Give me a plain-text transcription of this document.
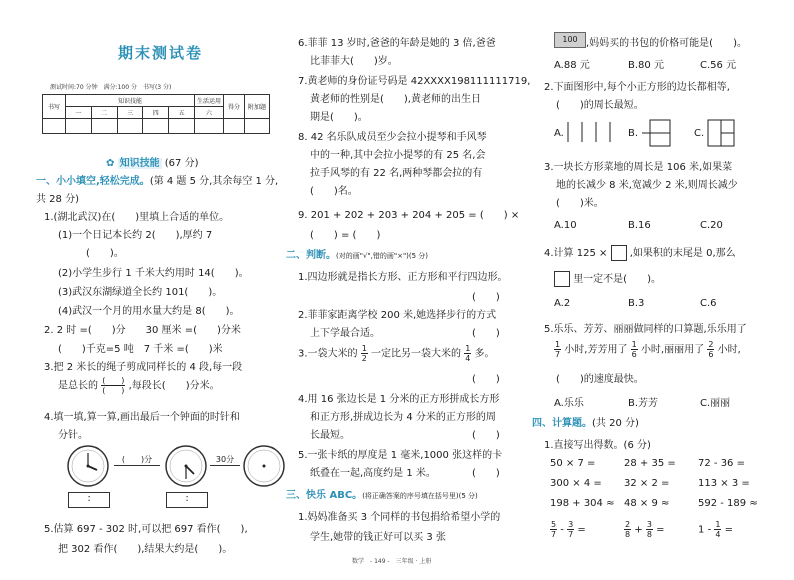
期末测试卷
测试时间:70 分钟　满分:100 分　书写(3 分)
书写	知识技能					生活运用	得分	附加题
	一	二	三	四	五	六		

✿ 知识技能 (67 分)
一、小小填空,轻松完成。(第 4 题 5 分,其余每空 1 分,
共 28 分)
1.(湖北武汉)在(　　)里填上合适的单位。
(1)一个日记本长约 2(　　),厚约 7
(　　)。
(2)小学生步行 1 千米大约用时 14(　　)。
(3)武汉东湖绿道全长约 101(　　)。
(4)武汉一个月的用水量大约是 8(　　)。
2. 2 时 =(　　)分　　30 厘米 =(　　)分米
(　　)千克=5 吨　7 千米 =(　　)米
3.把 2 米长的绳子剪成同样长的 4 段,每一段
是总长的 $\frac{( )}{( )}$ ,每段长(　　)分米。
4.填一填,算一算,画出最后一个钟面的时针和
分针。
(　　)分	30分
:	:
5.估算 697 - 302 时,可以把 697 看作(　　),
把 302 看作(　　),结果大约是(　　)。
6.菲菲 13 岁时,爸爸的年龄是她的 3 倍,爸爸
比菲菲大(　　)岁。
7.黄老师的身份证号码是 42XXXX198111111719,
黄老师的性别是(　　),黄老师的出生日
期是(　　)。
8. 42 名乐队成员至少会拉小提琴和手风琴
中的一种,其中会拉小提琴的有 25 名,会
拉手风琴的有 22 名,两种琴都会拉的有
(　　)名。
9. 201 + 202 + 203 + 204 + 205 = (　　) ×
(　　) = (　　)
二、判断。(对的画"√",错的画"×")(5 分)
1.四边形就是指长方形、正方形和平行四边形。
(　　)
2.菲菲家距离学校 200 米,她选择步行的方式
上下学最合适。	(　　)
3.一袋大米的 $\frac{1}{2}$ 一定比另一袋大米的 $\frac{1}{4}$ 多。
(　　)
4.用 16 张边长是 1 分米的正方形拼成长方形
和正方形,拼成边长为 4 分米的正方形的周
长最短。	(　　)
5.一张卡纸的厚度是 1 毫米,1000 张这样的卡
纸叠在一起,高度约是 1 米。	(　　)
三、快乐 ABC。(将正确答案的序号填在括号里)(5 分)
1.妈妈准备买 3 个同样的书包捐给希望小学的
学生,她带的钱正好可以买 3 张
数学　- 149 -　三年级 · 上册
100 ,妈妈买的书包的价格可能是(　　)。
A.88 元	B.80 元	C.56 元
2.下面图形中,每个小正方形的边长都相等,
(　　)的周长最短。
A.	B.	C.
3.一块长方形菜地的周长是 106 米,如果菜
地的长减少 8 米,宽减少 2 米,则周长减少
(　　)米。
A.10	B.16	C.20
4.计算 125 × ,如果积的末尾是 0,那么
里一定不是(　　)。
A.2	B.3	C.6
5.乐乐、芳芳、丽丽做同样的口算题,乐乐用了
$\frac{1}{7}$ 小时,芳芳用了 $\frac{1}{6}$ 小时,丽丽用了 $\frac{2}{6}$ 小时,
(　　)的速度最快。
A.乐乐	B.芳芳	C.丽丽
四、计算题。(共 20 分)
1.直接写出得数。(6 分)
50 × 7 =	28 + 35 = 72 - 36 =
300 × 4 = 32 × 2 =	113 × 3 =
198 + 304 ≈ 48 × 9 ≈	592 - 189 ≈
$\frac{5}{7} - \frac{3}{7}$ =	$\frac{2}{8} + \frac{3}{8}$ =	$1 - \frac{1}{4}$ =
